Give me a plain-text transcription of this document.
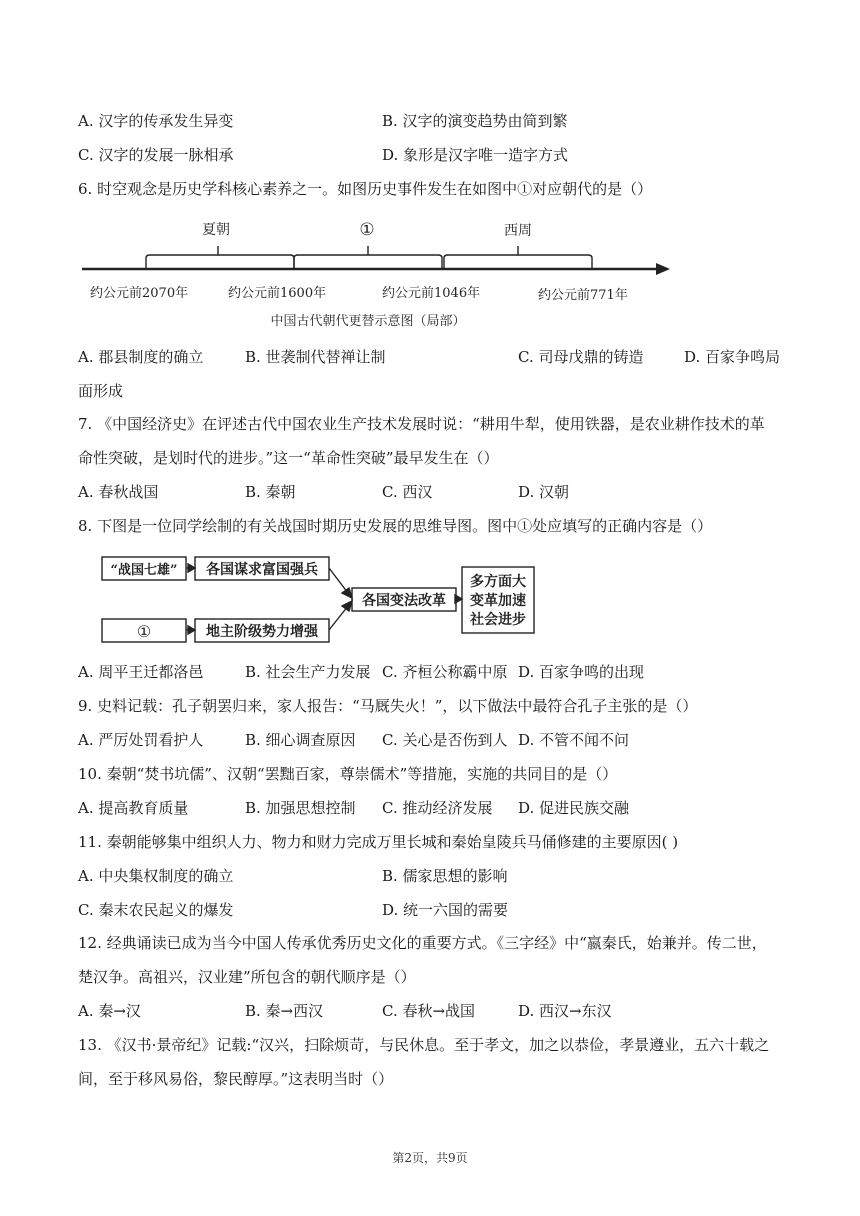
A. 汉字的传承发生异变	B. 汉字的演变趋势由简到繁
C. 汉字的发展一脉相承	D. 象形是汉字唯一造字方式
6. 时空观念是历史学科核心素养之一。如图历史事件发生在如图中①对应朝代的是（）
夏朝	①	西周
约公元前2070年	约公元前1600年	约公元前1046年	约公元前771年
中国古代朝代更替示意图（局部）
A. 郡县制度的确立	B. 世袭制代替禅让制	C. 司母戊鼎的铸造	D. 百家争鸣局
面形成
7. 《中国经济史》在评述古代中国农业生产技术发展时说：“耕用牛犁，使用铁器，是农业耕作技术的革
命性突破，是划时代的进步。”这一“革命性突破”最早发生在（）
A. 春秋战国	B. 秦朝	C. 西汉	D. 汉朝
8. 下图是一位同学绘制的有关战国时期历史发展的思维导图。图中①处应填写的正确内容是（）
“战国七雄” 各国谋求富国强兵
①	地主阶级势力增强
各国变法改革
多方面大
变革加速
社会进步
A. 周平王迁都洛邑	B. 社会生产力发展 C. 齐桓公称霸中原 D. 百家争鸣的出现
9. 史料记载：孔子朝罢归来，家人报告：“马厩失火！”，以下做法中最符合孔子主张的是（）
A. 严厉处罚看护人	B. 细心调查原因 C. 关心是否伤到人 D. 不管不闻不问
10. 秦朝“焚书坑儒”、汉朝“罢黜百家，尊崇儒术”等措施，实施的共同目的是（）
A. 提高教育质量	B. 加强思想控制 C. 推动经济发展 D. 促进民族交融
11. 秦朝能够集中组织人力、物力和财力完成万里长城和秦始皇陵兵马俑修建的主要原因( )
A. 中央集权制度的确立	B. 儒家思想的影响
C. 秦末农民起义的爆发	D. 统一六国的需要
12. 经典诵读已成为当今中国人传承优秀历史文化的重要方式。《三字经》中“嬴秦氏，始兼并。传二世，
楚汉争。高祖兴，汉业建”所包含的朝代顺序是（）
A. 秦→汉	B. 秦→西汉	C. 春秋→战国	D. 西汉→东汉
13. 《汉书·景帝纪》记载:“汉兴，扫除烦苛，与民休息。至于孝文，加之以恭俭，孝景遵业，五六十载之
间，至于移风易俗，黎民醇厚。”这表明当时（）
第2页，共9页
